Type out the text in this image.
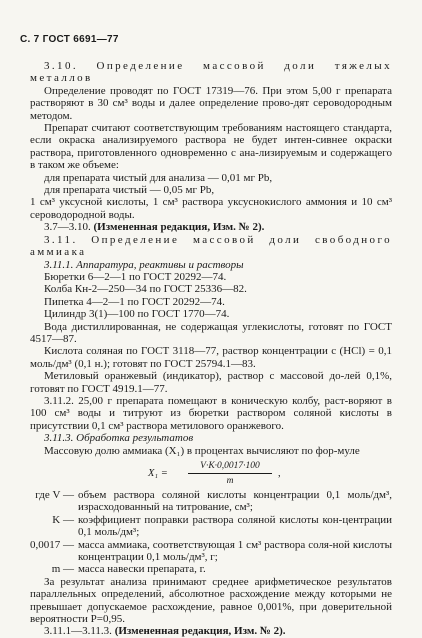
С. 7 ГОСТ 6691—77

3.10. Определение массовой доли тяжелых металлов

Определение проводят по ГОСТ 17319—76. При этом 5,00 г препарата растворяют в 30 см³ воды и далее определение прово-дят сероводородным методом.

Препарат считают соответствующим требованиям настоящего стандарта, если окраска анализируемого раствора не будет интен-сивнее окраски раствора, приготовленного одновременно с ана-лизируемым и содержащего в таком же объеме:

для препарата чистый для анализа — 0,01 мг Pb,

для препарата чистый — 0,05 мг Pb,

1 см³ уксусной кислоты, 1 см³ раствора уксуснокислого аммония и 10 см³ сероводородной воды.

3.7—3.10. (Измененная редакция, Изм. № 2).

3.11. Определение массовой доли свободного аммиака

3.11.1. Аппаратура, реактивы и растворы

Бюретки 6—2—1 по ГОСТ 20292—74.

Колба Кн-2—250—34 по ГОСТ 25336—82.

Пипетка 4—2—1 по ГОСТ 20292—74.

Цилиндр 3(1)—100 по ГОСТ 1770—74.

Вода дистиллированная, не содержащая углекислоты, готовят по ГОСТ 4517—87.

Кислота соляная по ГОСТ 3118—77, раствор концентрации с (HCl) = 0,1 моль/дм³ (0,1 н.); готовят по ГОСТ 25794.1—83.

Метиловый оранжевый (индикатор), раствор с массовой до-лей 0,1%, готовят по ГОСТ 4919.1—77.

3.11.2. 25,00 г препарата помещают в коническую колбу, раст-воряют в 100 см³ воды и титруют из бюретки раствором соляной кислоты в присутствии 0,1 см³ раствора метилового оранжевого.

3.11.3. Обработка результатов

Массовую долю аммиака (X₁) в процентах вычисляют по фор-муле

X₁ =
V·K·0,0017·100
m
,
где V — объем раствора соляной кислоты концентрации 0,1 моль/дм³, израсходованный на титрование, см³;
K — коэффициент поправки раствора соляной кислоты кон-центрации 0,1 моль/дм³;
0,0017 — масса аммиака, соответствующая 1 см³ раствора соля-ной кислоты концентрации 0,1 моль/дм³, г;
m — масса навески препарата, г.

За результат анализа принимают среднее арифметическое результатов параллельных определений, абсолютное расхождение между которыми не превышает допускаемое расхождение, равное 0,001%, при доверительной вероятности P=0,95.

3.11.1—3.11.3. (Измененная редакция, Изм. № 2).
